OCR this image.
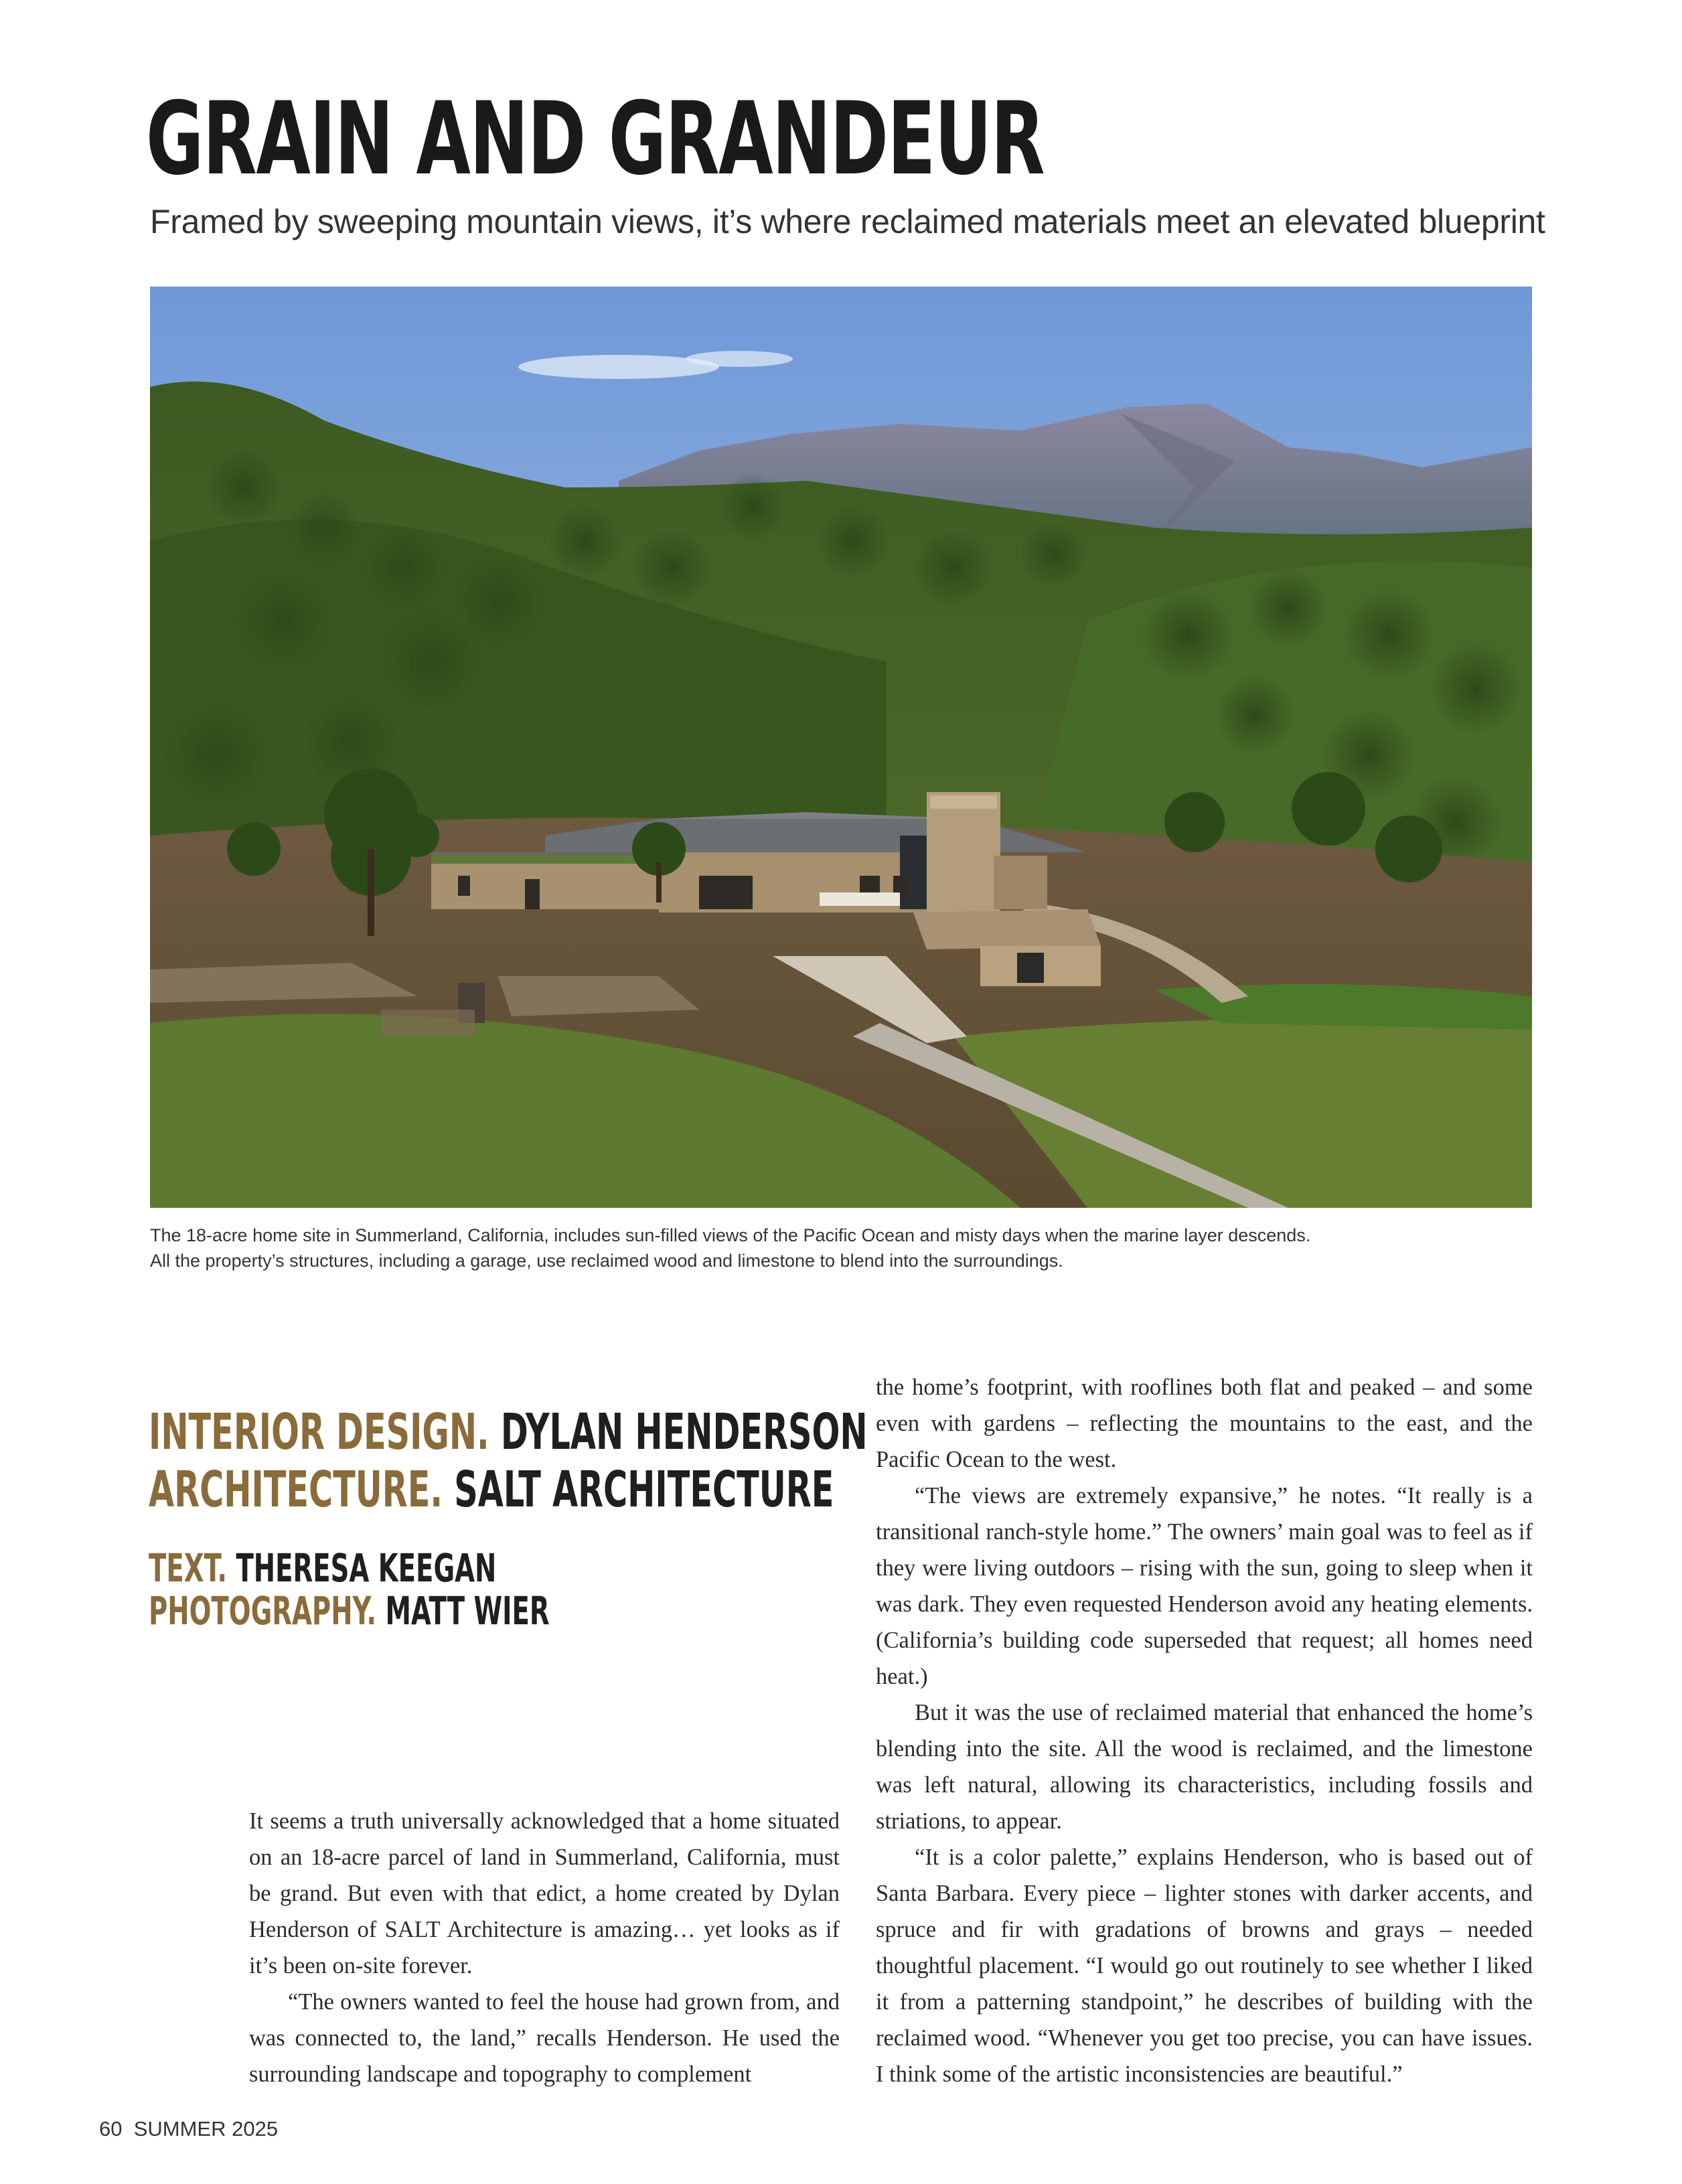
GRAIN AND GRANDEUR
Framed by sweeping mountain views, it’s where reclaimed materials meet an elevated blueprint

The 18-acre home site in Summerland, California, includes sun-filled views of the Pacific Ocean and misty days when the marine layer descends.

All the property’s structures, including a garage, use reclaimed wood and limestone to blend into the surroundings.

INTERIOR DESIGN. DYLAN HENDERSON
ARCHITECTURE. SALT ARCHITECTURE
TEXT. THERESA KEEGAN
PHOTOGRAPHY. MATT WIER

It seems a truth universally acknowledged that a home situated on an 18-acre parcel of land in Summerland, California, must be grand. But even with that edict, a home created by Dylan Henderson of SALT Architecture is amazing… yet looks as if it’s been on-site forever.

“The owners wanted to feel the house had grown from, and was connected to, the land,” recalls Henderson. He used the surrounding landscape and topography to complement

the home’s footprint, with rooflines both flat and peaked – and some even with gardens – reflecting the mountains to the east, and the Pacific Ocean to the west.

“The views are extremely expansive,” he notes. “It really is a transitional ranch-style home.” The owners’ main goal was to feel as if they were living outdoors – rising with the sun, going to sleep when it was dark. They even requested Henderson avoid any heating elements. (California’s building code superseded that request; all homes need heat.)

But it was the use of reclaimed material that enhanced the home’s blending into the site. All the wood is reclaimed, and the limestone was left natural, allowing its characteristics, including fossils and striations, to appear.

“It is a color palette,” explains Henderson, who is based out of Santa Barbara. Every piece – lighter stones with darker accents, and spruce and fir with gradations of browns and grays – needed thoughtful placement. “I would go out routinely to see whether I liked it from a patterning standpoint,” he describes of building with the reclaimed wood. “Whenever you get too precise, you can have issues. I think some of the artistic inconsistencies are beautiful.”

60 SUMMER 2025
